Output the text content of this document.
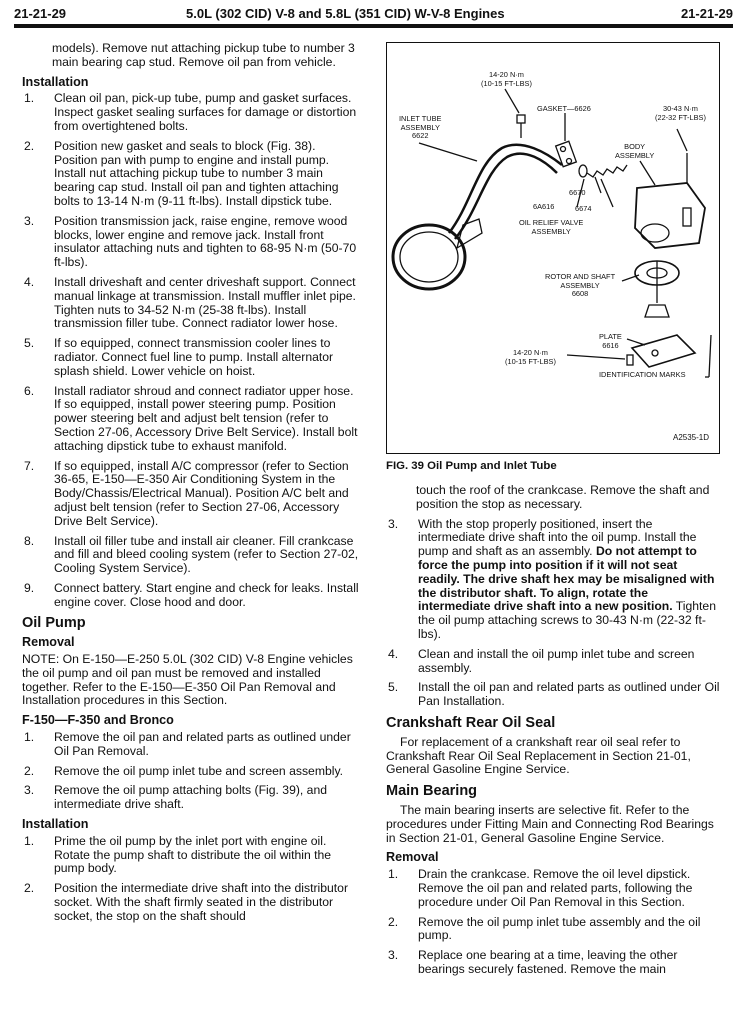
21-21-29	5.0L (302 CID) V-8 and 5.8L (351 CID) W-V-8 Engines	21-21-29

models). Remove nut attaching pickup tube to number 3 main bearing cap stud. Remove oil pan from vehicle.

Installation
1. Clean oil pan, pick-up tube, pump and gasket surfaces. Inspect gasket sealing surfaces for damage or distortion from overtightened bolts.
2. Position new gasket and seals to block (Fig. 38). Position pan with pump to engine and install pump. Install nut attaching pickup tube to number 3 main bearing cap stud. Install oil pan and tighten attaching bolts to 13-14 N·m (9-11 ft-lbs). Install dipstick tube.
3. Position transmission jack, raise engine, remove wood blocks, lower engine and remove jack. Install front insulator attaching nuts and tighten to 68-95 N·m (50-70 ft-lbs).
4. Install driveshaft and center driveshaft support. Connect manual linkage at transmission. Install muffler inlet pipe. Tighten nuts to 34-52 N·m (25-38 ft-lbs). Install transmission filler tube. Connect radiator lower hose.
5. If so equipped, connect transmission cooler lines to radiator. Connect fuel line to pump. Install alternator splash shield. Lower vehicle on hoist.
6. Install radiator shroud and connect radiator upper hose. If so equipped, install power steering pump. Position power steering belt and adjust belt tension (refer to Section 27-06, Accessory Drive Belt Service). Install bolt attaching dipstick tube to exhaust manifold.
7. If so equipped, install A/C compressor (refer to Section 36-65, E-150—E-350 Air Conditioning System in the Body/Chassis/Electrical Manual). Position A/C belt and adjust belt tension (refer to Section 27-06, Accessory Drive Belt Service).
8. Install oil filler tube and install air cleaner. Fill crankcase and fill and bleed cooling system (refer to Section 27-02, Cooling System Service).
9. Connect battery. Start engine and check for leaks. Install engine cover. Close hood and door.
Oil Pump
Removal

NOTE: On E-150—E-250 5.0L (302 CID) V-8 Engine vehicles the oil pump and oil pan must be removed and installed together. Refer to the E-150—E-350 Oil Pan Removal and Installation procedures in this Section.

F-150—F-350 and Bronco
1. Remove the oil pan and related parts as outlined under Oil Pan Removal.
2. Remove the oil pump inlet tube and screen assembly.
3. Remove the oil pump attaching bolts (Fig. 39), and intermediate drive shaft.
Installation
1. Prime the oil pump by the inlet port with engine oil. Rotate the pump shaft to distribute the oil within the pump body.
2. Position the intermediate drive shaft into the distributor socket. With the shaft firmly seated in the distributor socket, the stop on the shaft should
14-20 N·m
(10-15 FT-LBS)
GASKET—6626	30-43 N·m
(22-32 FT-LBS)
INLET TUBE
ASSEMBLY
6622
BODY
ASSEMBLY
6670
6A616	6674
OIL RELIEF VALVE
ASSEMBLY
ROTOR AND SHAFT
ASSEMBLY
6608
PLATE
6616
14-20 N·m
(10-15 FT-LBS)
IDENTIFICATION MARKS
A2535-1D
FIG. 39 Oil Pump and Inlet Tube

touch the roof of the crankcase. Remove the shaft and position the stop as necessary.

3. With the stop properly positioned, insert the intermediate drive shaft into the oil pump. Install the pump and shaft as an assembly. Do not attempt to force the pump into position if it will not seat readily. The drive shaft hex may be misaligned with the distributor shaft. To align, rotate the intermediate drive shaft into a new position. Tighten the oil pump attaching screws to 30-43 N·m (22-32 ft-lbs).
4. Clean and install the oil pump inlet tube and screen assembly.
5. Install the oil pan and related parts as outlined under Oil Pan Installation.
Crankshaft Rear Oil Seal

For replacement of a crankshaft rear oil seal refer to Crankshaft Rear Oil Seal Replacement in Section 21-01, General Gasoline Engine Service.

Main Bearing

The main bearing inserts are selective fit. Refer to the procedures under Fitting Main and Connecting Rod Bearings in Section 21-01, General Gasoline Engine Service.

Removal
1. Drain the crankcase. Remove the oil level dipstick. Remove the oil pan and related parts, following the procedure under Oil Pan Removal in this Section.
2. Remove the oil pump inlet tube assembly and the oil pump.
3. Replace one bearing at a time, leaving the other bearings securely fastened. Remove the main
